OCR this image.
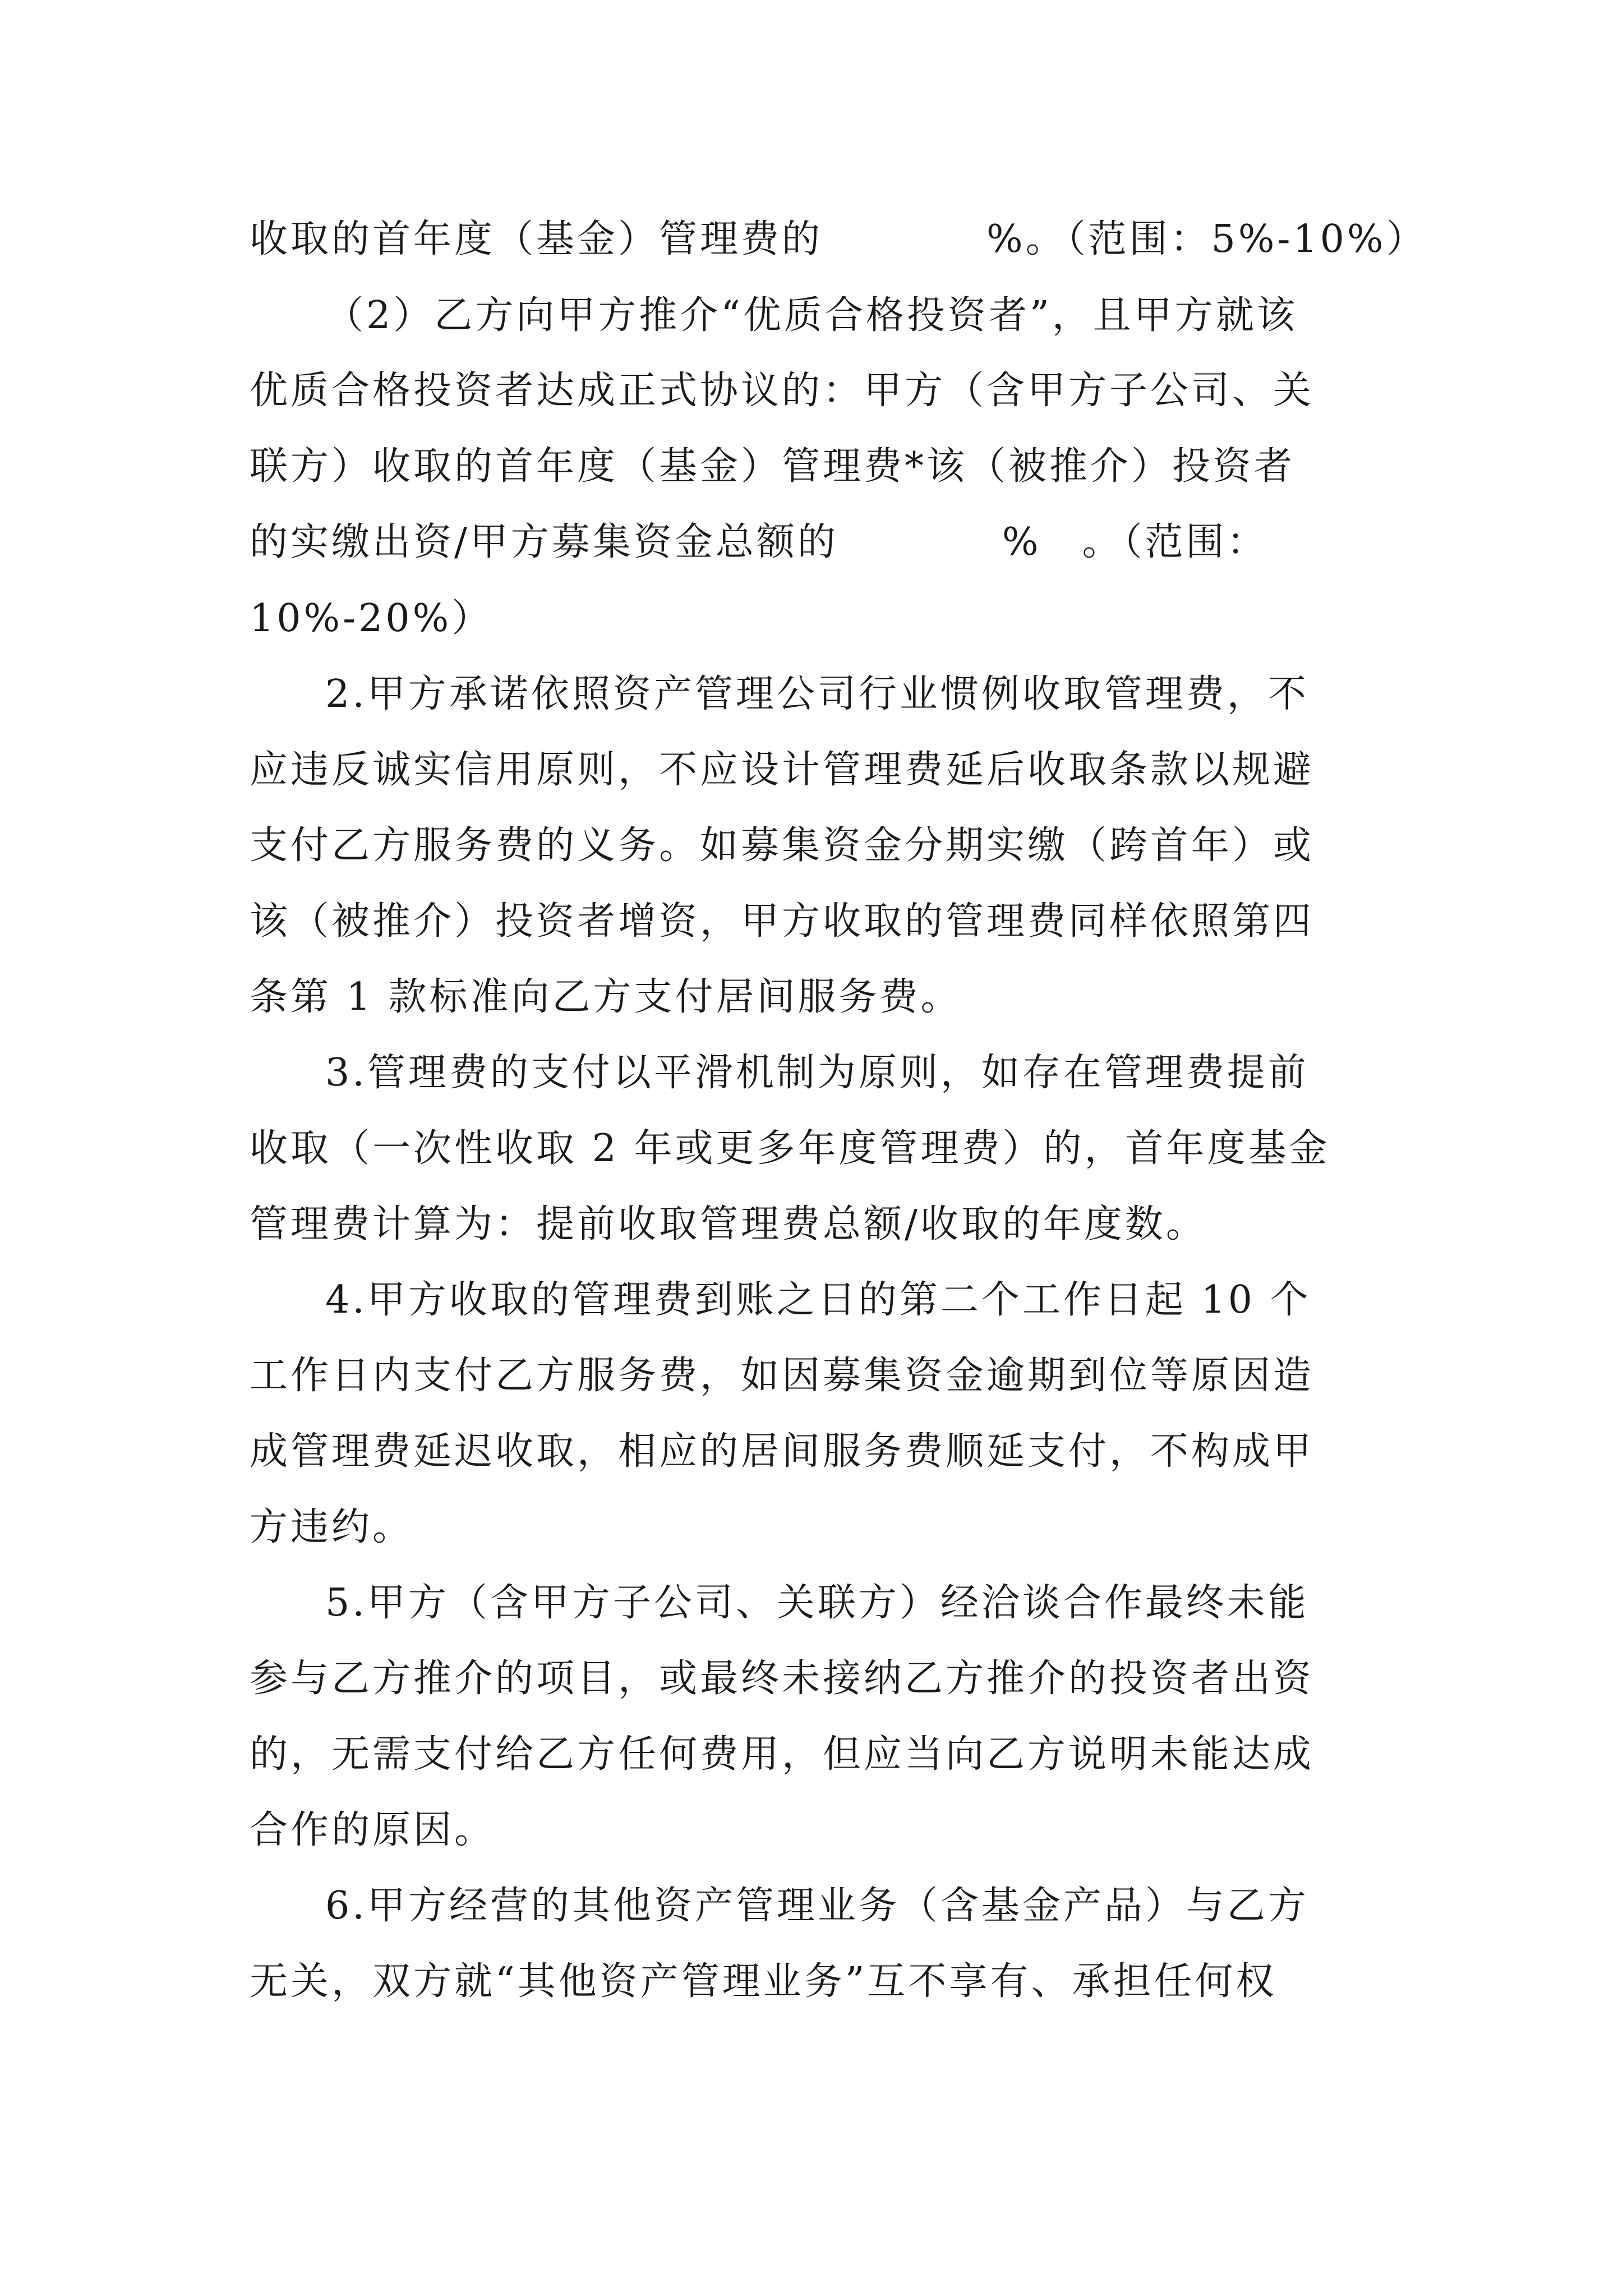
收取的首年度（基金）管理费的　　　　%。（范围：5%-10%）
（2）乙方向甲方推介“优质合格投资者”，且甲方就该
优质合格投资者达成正式协议的：甲方（含甲方子公司、关
联方）收取的首年度（基金）管理费*该（被推介）投资者
的实缴出资/甲方募集资金总额的　　　　%　。（范围：
10%-20%）
2.甲方承诺依照资产管理公司行业惯例收取管理费，不
应违反诚实信用原则，不应设计管理费延后收取条款以规避
支付乙方服务费的义务。如募集资金分期实缴（跨首年）或
该（被推介）投资者增资，甲方收取的管理费同样依照第四
条第 1 款标准向乙方支付居间服务费。
3.管理费的支付以平滑机制为原则，如存在管理费提前
收取（一次性收取 2 年或更多年度管理费）的，首年度基金
管理费计算为：提前收取管理费总额/收取的年度数。
4.甲方收取的管理费到账之日的第二个工作日起 10 个
工作日内支付乙方服务费，如因募集资金逾期到位等原因造
成管理费延迟收取，相应的居间服务费顺延支付，不构成甲
方违约。
5.甲方（含甲方子公司、关联方）经洽谈合作最终未能
参与乙方推介的项目，或最终未接纳乙方推介的投资者出资
的，无需支付给乙方任何费用，但应当向乙方说明未能达成
合作的原因。
6.甲方经营的其他资产管理业务（含基金产品）与乙方
无关，双方就“其他资产管理业务”互不享有、承担任何权
